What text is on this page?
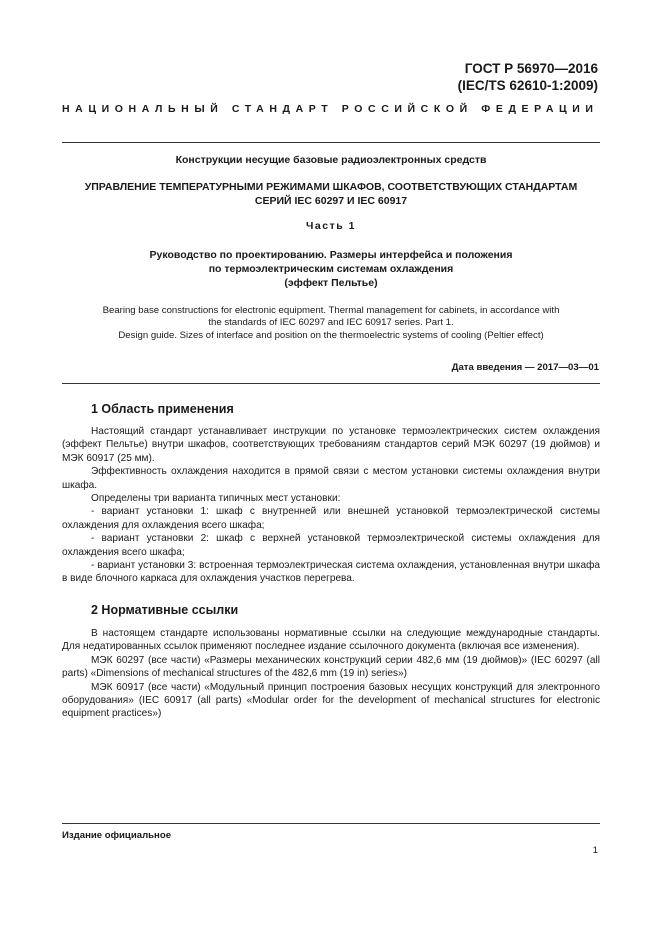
ГОСТ Р 56970—2016
(IEC/TS 62610-1:2009)
НАЦИОНАЛЬНЫЙ СТАНДАРТ РОССИЙСКОЙ ФЕДЕРАЦИИ
Конструкции несущие базовые радиоэлектронных средств
УПРАВЛЕНИЕ ТЕМПЕРАТУРНЫМИ РЕЖИМАМИ ШКАФОВ, СООТВЕТСТВУЮЩИХ СТАНДАРТАМ
СЕРИЙ IEC 60297 И IEC 60917
Часть 1
Руководство по проектированию. Размеры интерфейса и положения
по термоэлектрическим системам охлаждения
(эффект Пельтье)
Bearing base constructions for electronic equipment. Thermal management for cabinets, in accordance with
the standards of IEC 60297 and IEC 60917 series. Part 1.
Design guide. Sizes of interface and position on the thermoelectric systems of cooling (Peltier effect)
Дата введения — 2017—03—01
1 Область применения

Настоящий стандарт устанавливает инструкции по установке термоэлектрических систем охлаждения (эффект Пельтье) внутри шкафов, соответствующих требованиям стандартов серий МЭК 60297 (19 дюймов) и МЭК 60917 (25 мм).

Эффективность охлаждения находится в прямой связи с местом установки системы охлаждения внутри шкафа.

Определены три варианта типичных мест установки:

- вариант установки 1: шкаф с внутренней или внешней установкой термоэлектрической системы охлаждения для охлаждения всего шкафа;

- вариант установки 2: шкаф с верхней установкой термоэлектрической системы охлаждения для охлаждения всего шкафа;

- вариант установки 3: встроенная термоэлектрическая система охлаждения, установленная внутри шкафа в виде блочного каркаса для охлаждения участков перегрева.

2 Нормативные ссылки

В настоящем стандарте использованы нормативные ссылки на следующие международные стандарты. Для недатированных ссылок применяют последнее издание ссылочного документа (включая все изменения).

МЭК 60297 (все части) «Размеры механических конструкций серии 482,6 мм (19 дюймов)» (IEC 60297 (all parts) «Dimensions of mechanical structures of the 482,6 mm (19 in) series»)

МЭК 60917 (все части) «Модульный принцип построения базовых несущих конструкций для электронного оборудования» (IEC 60917 (all parts) «Modular order for the development of mechanical structures for electronic equipment practices»)

Издание официальное
1
